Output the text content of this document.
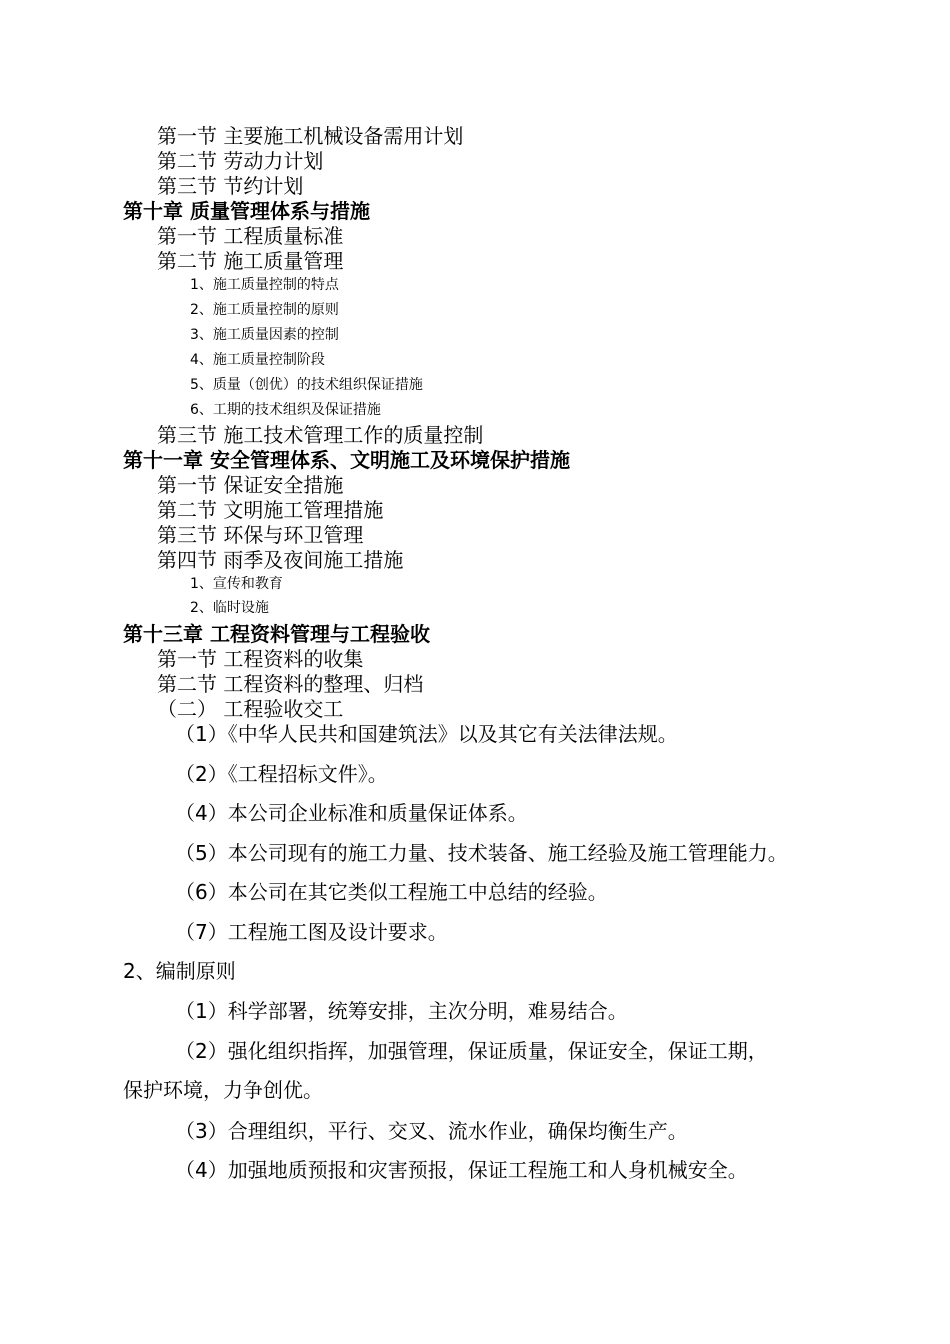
第一节 主要施工机械设备需用计划
第二节 劳动力计划
第三节 节约计划
第十章 质量管理体系与措施
第一节 工程质量标准
第二节 施工质量管理
1、施工质量控制的特点
2、施工质量控制的原则
3、施工质量因素的控制
4、施工质量控制阶段
5、质量（创优）的技术组织保证措施
6、工期的技术组织及保证措施
第三节 施工技术管理工作的质量控制
第十一章 安全管理体系、文明施工及环境保护措施
第一节 保证安全措施
第二节 文明施工管理措施
第三节 环保与环卫管理
第四节 雨季及夜间施工措施
1、宣传和教育
2、临时设施
第十三章 工程资料管理与工程验收
第一节 工程资料的收集
第二节 工程资料的整理、归档
（二） 工程验收交工
（1）《中华人民共和国建筑法》以及其它有关法律法规。
（2）《工程招标文件》。
（4）本公司企业标准和质量保证体系。
（5）本公司现有的施工力量、技术装备、施工经验及施工管理能力。
（6）本公司在其它类似工程施工中总结的经验。
（7）工程施工图及设计要求。
2、编制原则
（1）科学部署，统筹安排，主次分明，难易结合。
（2）强化组织指挥，加强管理，保证质量，保证安全，保证工期，
保护环境，力争创优。
（3）合理组织，平行、交叉、流水作业，确保均衡生产。
（4）加强地质预报和灾害预报，保证工程施工和人身机械安全。
